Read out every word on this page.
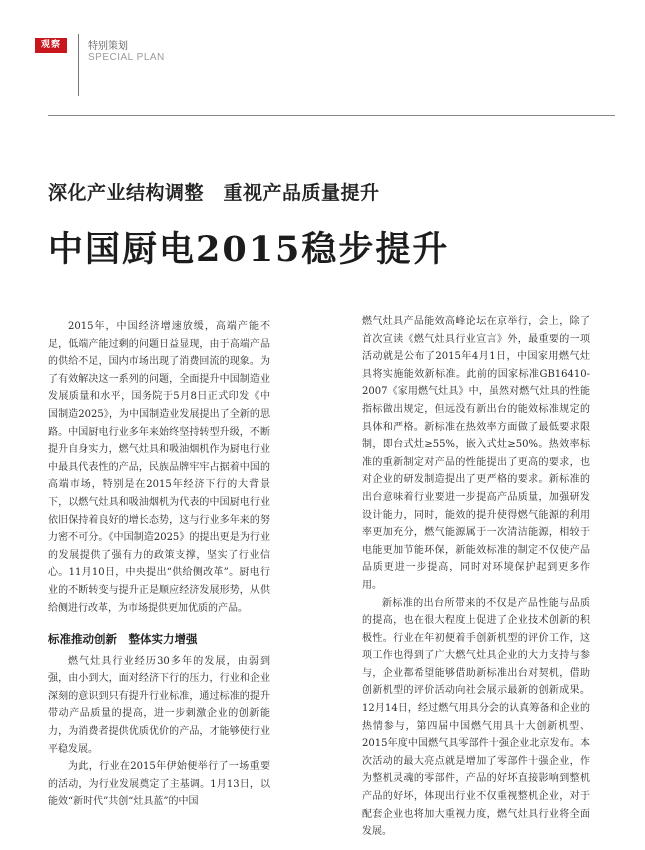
观察	特别策划
SPECIAL PLAN
深化产业结构调整　重视产品质量提升
中国厨电2015稳步提升

2015年，中国经济增速放缓，高端产能不足，低端产能过剩的问题日益显现，由于高端产品的供给不足，国内市场出现了消费回流的现象。为了有效解决这一系列的问题，全面提升中国制造业发展质量和水平，国务院于5月8日正式印发《中国制造2025》，为中国制造业发展提出了全新的思路。中国厨电行业多年来始终坚持转型升级，不断提升自身实力，燃气灶具和吸油烟机作为厨电行业中最具代表性的产品，民族品牌牢牢占据着中国的高端市场，特别是在2015年经济下行的大背景下，以燃气灶具和吸油烟机为代表的中国厨电行业依旧保持着良好的增长态势，这与行业多年来的努力密不可分。《中国制造2025》的提出更是为行业的发展提供了强有力的政策支撑，坚实了行业信心。11月10日，中央提出“供给侧改革”。厨电行业的不断转变与提升正是顺应经济发展形势，从供给侧进行改革，为市场提供更加优质的产品。

标准推动创新　整体实力增强

燃气灶具行业经历30多年的发展，由弱到强，由小到大，面对经济下行的压力，行业和企业深刻的意识到只有提升行业标准，通过标准的提升带动产品质量的提高，进一步刺激企业的创新能力，为消费者提供优质优价的产品，才能够使行业平稳发展。

为此，行业在2015年伊始便举行了一场重要的活动，为行业发展奠定了主基调。1月13日，以能效“新时代”共创“灶具蓝”的中国

燃气灶具产品能效高峰论坛在京举行，会上，除了首次宣读《燃气灶具行业宣言》外，最重要的一项活动就是公布了2015年4月1日，中国家用燃气灶具将实施能效新标准。此前的国家标准GB16410-2007《家用燃气灶具》中，虽然对燃气灶具的性能指标做出规定，但远没有新出台的能效标准规定的具体和严格。新标准在热效率方面做了最低要求限制，即台式灶≥55%，嵌入式灶≥50%。热效率标准的重新制定对产品的性能提出了更高的要求，也对企业的研发制造提出了更严格的要求。新标准的出台意味着行业要进一步提高产品质量，加强研发设计能力，同时，能效的提升使得燃气能源的利用率更加充分，燃气能源属于一次清洁能源，相较于电能更加节能环保，新能效标准的制定不仅使产品品质更进一步提高，同时对环境保护起到更多作用。

新标准的出台所带来的不仅是产品性能与品质的提高，也在很大程度上促进了企业技术创新的积极性。行业在年初便着手创新机型的评价工作，这项工作也得到了广大燃气灶具企业的大力支持与参与，企业都希望能够借助新标准出台对契机，借助创新机型的评价活动向社会展示最新的创新成果。12月14日，经过燃气用具分会的认真筹备和企业的热情参与，第四届中国燃气用具十大创新机型、2015年度中国燃气具零部件十强企业北京发布。本次活动的最大亮点就是增加了零部件十强企业，作为整机灵魂的零部件，产品的好坏直接影响到整机产品的好坏，体现出行业不仅重视整机企业，对于配套企业也将加大重视力度，燃气灶具行业将全面发展。
